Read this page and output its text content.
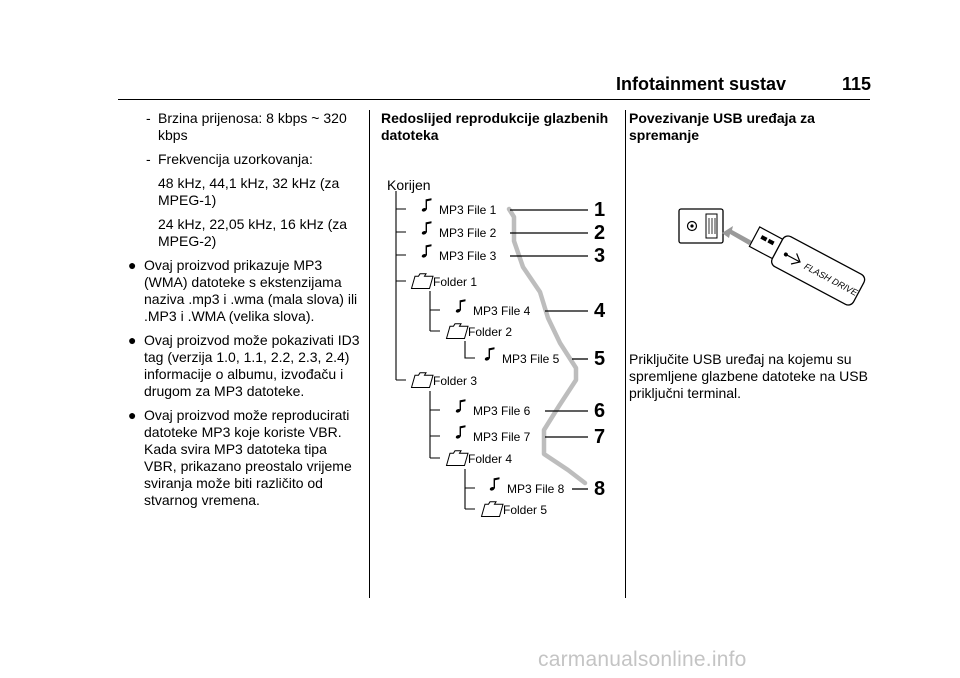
Infotainment sustav	115
- Brzina prijenosa: 8 kbps ~ 320 kbps
- Frekvencija uzorkovanja:
48 kHz, 44,1 kHz, 32 kHz (za MPEG-1)
24 kHz, 22,05 kHz, 16 kHz (za MPEG-2)
● Ovaj proizvod prikazuje MP3 (WMA) datoteke s ekstenzijama naziva .mp3 i .wma (mala slova) ili .MP3 i .WMA (velika slova).
● Ovaj proizvod može pokazivati ID3 tag (verzija 1.0, 1.1, 2.2, 2.3, 2.4) informacije o albumu, izvođaču i drugom za MP3 datoteke.
● Ovaj proizvod može reproducirati datoteke MP3 koje koriste VBR. Kada svira MP3 datoteka tipa VBR, prikazano preostalo vrijeme sviranja može biti različito od stvarnog vremena.
Redoslijed reprodukcije glazbenih datoteka
Korijen
MP3 File 1	1
MP3 File 2	2
MP3 File 3	3
Folder 1
MP3 File 4	4
Folder 2
MP3 File 5 5
Folder 3
MP3 File 6	6
MP3 File 7	7
Folder 4
MP3 File 8 8
Folder 5
FLASH DRIVE
Povezivanje USB uređaja za spremanje
Priključite USB uređaj na kojemu su spremljene glazbene datoteke na USB priključni terminal.
carmanualsonline.info
